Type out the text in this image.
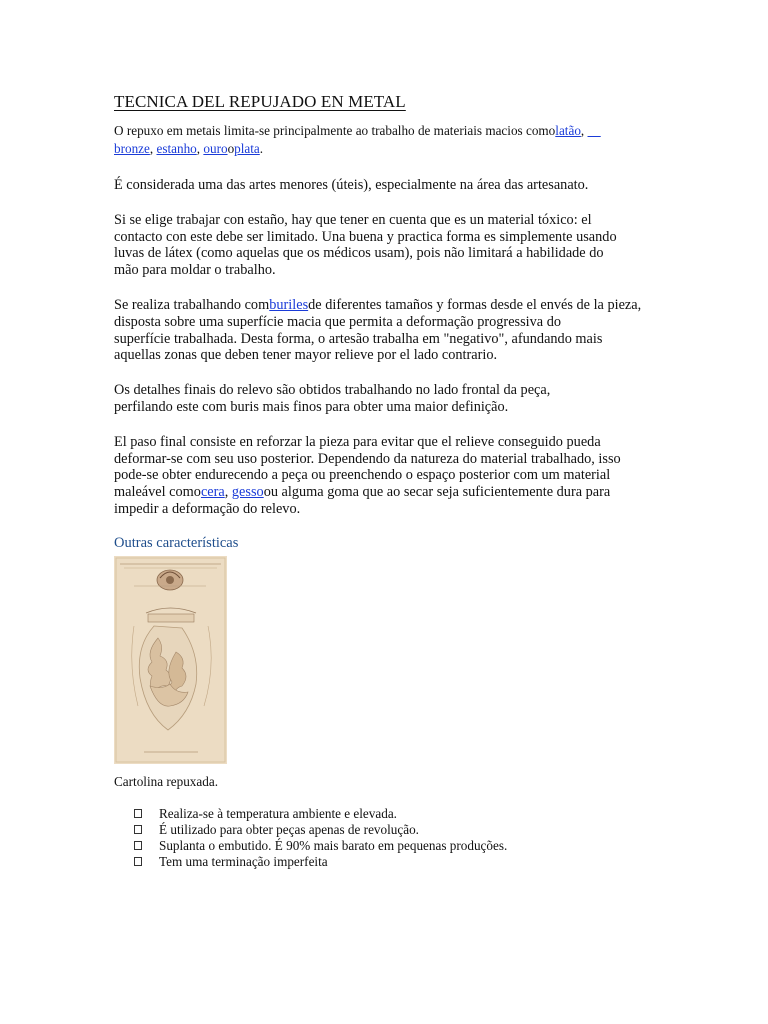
TECNICA DEL REPUJADO EN METAL

O repuxo em metais limita-se principalmente ao trabalho de materiais macios comolatão,
bronze, estanho, ourooplata.

É considerada uma das artes menores (úteis), especialmente na área das artesanato.

Si se elige trabajar con estaño, hay que tener en cuenta que es un material tóxico: el
contacto con este debe ser limitado. Una buena y practica forma es simplemente usando
luvas de látex (como aquelas que os médicos usam), pois não limitará a habilidade do
mão para moldar o trabalho.

Se realiza trabalhando comburilesde diferentes tamaños y formas desde el envés de la pieza,
disposta sobre uma superfície macia que permita a deformação progressiva do
superfície trabalhada. Desta forma, o artesão trabalha em "negativo", afundando mais
aquellas zonas que deben tener mayor relieve por el lado contrario.

Os detalhes finais do relevo são obtidos trabalhando no lado frontal da peça,
perfilando este com buris mais finos para obter uma maior definição.

El paso final consiste en reforzar la pieza para evitar que el relieve conseguido pueda
deformar-se com seu uso posterior. Dependendo da natureza do material trabalhado, isso
pode-se obter endurecendo a peça ou preenchendo o espaço posterior com um material
maleável comocera, gessoou alguma goma que ao secar seja suficientemente dura para
impedir a deformação do relevo.

Outras características
Cartolina repuxada.
Realiza-se à temperatura ambiente e elevada.
É utilizado para obter peças apenas de revolução.
Suplanta o embutido. É 90% mais barato em pequenas produções.
Tem uma terminação imperfeita
